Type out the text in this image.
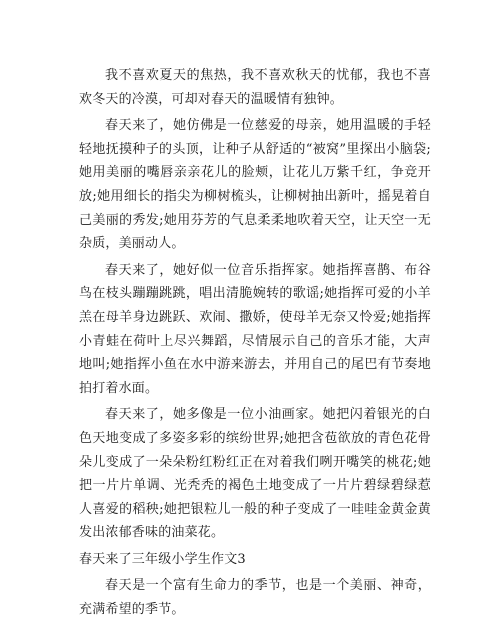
我不喜欢夏天的焦热，我不喜欢秋天的忧郁，我也不喜欢冬天的冷漠，可却对春天的温暖情有独钟。

春天来了，她仿佛是一位慈爱的母亲，她用温暖的手轻轻地抚摸种子的头顶，让种子从舒适的“被窝”里探出小脑袋;她用美丽的嘴唇亲亲花儿的脸颊，让花儿万紫千红，争竞开放;她用细长的指尖为柳树梳头，让柳树抽出新叶，摇晃着自己美丽的秀发;她用芬芳的气息柔柔地吹着天空，让天空一无杂质，美丽动人。

春天来了，她好似一位音乐指挥家。她指挥喜鹊、布谷鸟在枝头蹦蹦跳跳，唱出清脆婉转的歌谣;她指挥可爱的小羊羔在母羊身边跳跃、欢闹、撒娇，使母羊无奈又怜爱;她指挥小青蛙在荷叶上尽兴舞蹈，尽情展示自己的音乐才能，大声地叫;她指挥小鱼在水中游来游去，并用自己的尾巴有节奏地拍打着水面。

春天来了，她多像是一位小油画家。她把闪着银光的白色天地变成了多姿多彩的缤纷世界;她把含苞欲放的青色花骨朵儿变成了一朵朵粉红粉红正在对着我们咧开嘴笑的桃花;她把一片片单调、光秃秃的褐色土地变成了一片片碧绿碧绿惹人喜爱的稻秧;她把银粒儿一般的种子变成了一哇哇金黄金黄发出浓郁香味的油菜花。

春天来了三年级小学生作文3

春天是一个富有生命力的季节，也是一个美丽、神奇，充满希望的季节。
